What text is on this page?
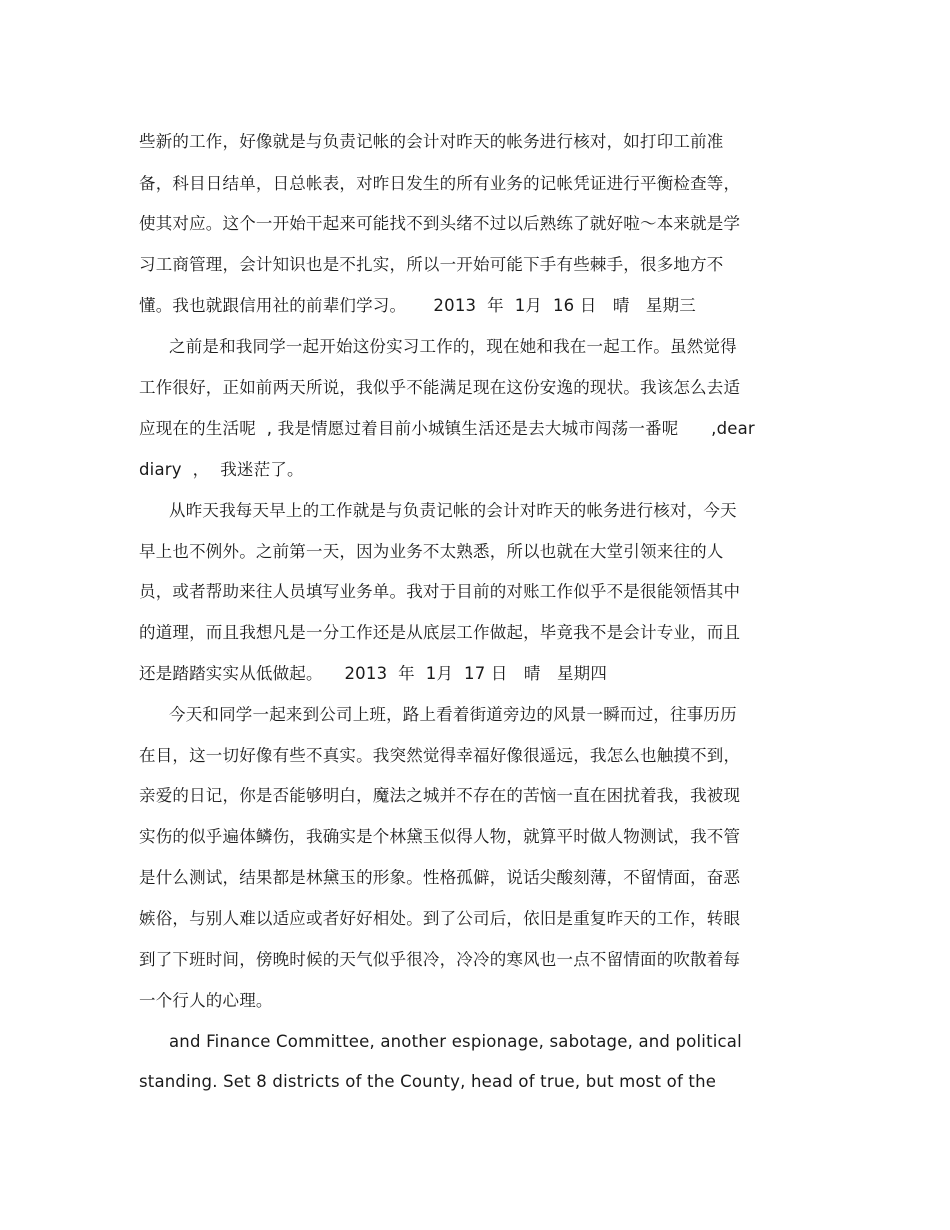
些新的工作，好像就是与负责记帐的会计对昨天的帐务进行核对，如打印工前准
备，科目日结单，日总帐表，对昨日发生的所有业务的记帐凭证进行平衡检查等，
使其对应。这个一开始干起来可能找不到头绪不过以后熟练了就好啦～本来就是学
习工商管理，会计知识也是不扎实，所以一开始可能下手有些棘手，很多地方不
懂。我也就跟信用社的前辈们学习。     2013  年  1月  16 日   晴   星期三
之前是和我同学一起开始这份实习工作的，现在她和我在一起工作。虽然觉得
工作很好，正如前两天所说，我似乎不能满足现在这份安逸的现状。我该怎么去适
应现在的生活呢  , 我是情愿过着目前小城镇生活还是去大城市闯荡一番呢      ,dear
diary  ，  我迷茫了。
从昨天我每天早上的工作就是与负责记帐的会计对昨天的帐务进行核对，今天
早上也不例外。之前第一天，因为业务不太熟悉，所以也就在大堂引领来往的人
员，或者帮助来往人员填写业务单。我对于目前的对账工作似乎不是很能领悟其中
的道理，而且我想凡是一分工作还是从底层工作做起，毕竟我不是会计专业，而且
还是踏踏实实从低做起。    2013  年  1月  17 日   晴   星期四
今天和同学一起来到公司上班，路上看着街道旁边的风景一瞬而过，往事历历
在目，这一切好像有些不真实。我突然觉得幸福好像很遥远，我怎么也触摸不到，
亲爱的日记，你是否能够明白，魔法之城并不存在的苦恼一直在困扰着我，我被现
实伤的似乎遍体鳞伤，我确实是个林黛玉似得人物，就算平时做人物测试，我不管
是什么测试，结果都是林黛玉的形象。性格孤僻，说话尖酸刻薄，不留情面，奋恶
嫉俗，与别人难以适应或者好好相处。到了公司后，依旧是重复昨天的工作，转眼
到了下班时间，傍晚时候的天气似乎很冷，冷冷的寒风也一点不留情面的吹散着每
一个行人的心理。
and Finance Committee, another espionage, sabotage, and political
standing. Set 8 districts of the County, head of true, but most of the
